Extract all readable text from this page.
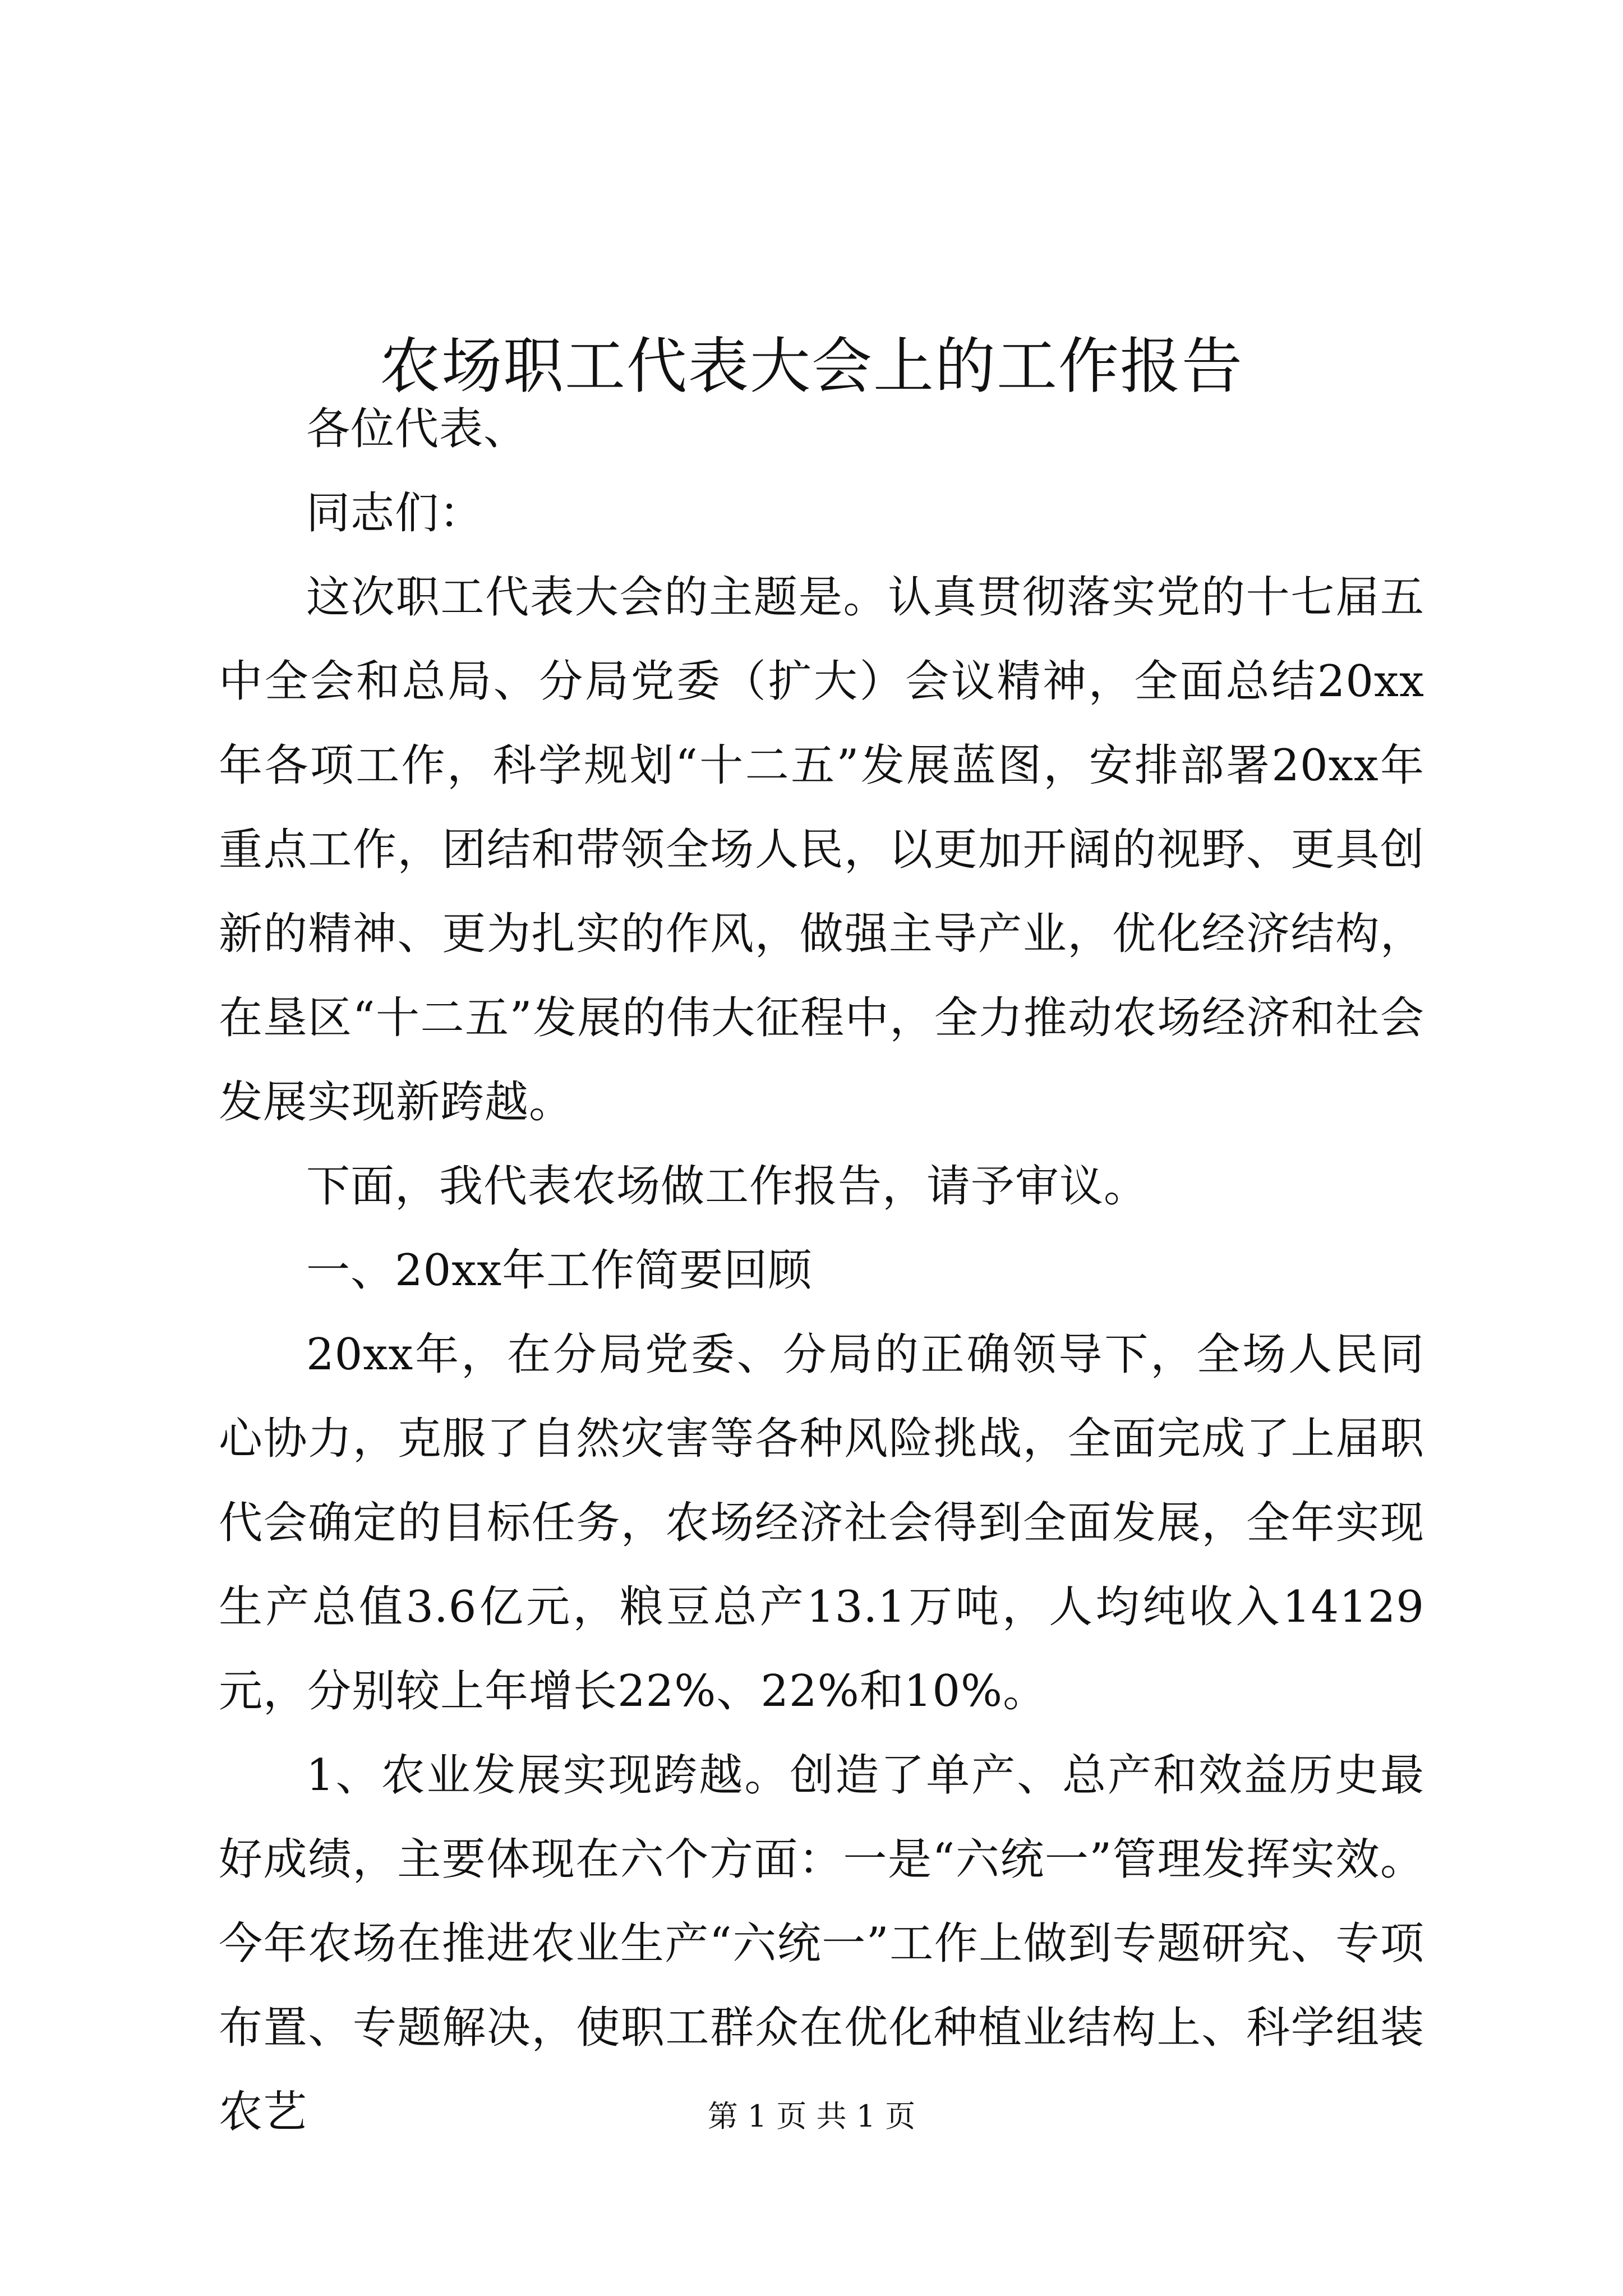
农场职工代表大会上的工作报告

各位代表、

同志们：

这次职工代表大会的主题是。认真贯彻落实党的十七届五中全会和总局、分局党委（扩大）会议精神，全面总结20xx年各项工作，科学规划“十二五”发展蓝图，安排部署20xx年重点工作，团结和带领全场人民，以更加开阔的视野、更具创新的精神、更为扎实的作风，做强主导产业，优化经济结构，在垦区“十二五”发展的伟大征程中，全力推动农场经济和社会发展实现新跨越。

下面，我代表农场做工作报告，请予审议。

一、20xx年工作简要回顾

20xx年，在分局党委、分局的正确领导下，全场人民同心协力，克服了自然灾害等各种风险挑战，全面完成了上届职代会确定的目标任务，农场经济社会得到全面发展，全年实现生产总值3.6亿元，粮豆总产13.1万吨，人均纯收入14129元，分别较上年增长22%、22%和10%。

1、农业发展实现跨越。创造了单产、总产和效益历史最好成绩，主要体现在六个方面：一是“六统一”管理发挥实效。今年农场在推进农业生产“六统一”工作上做到专题研究、专项布置、专题解决，使职工群众在优化种植业结构上、科学组装农艺	第 1 页 共 1 页
